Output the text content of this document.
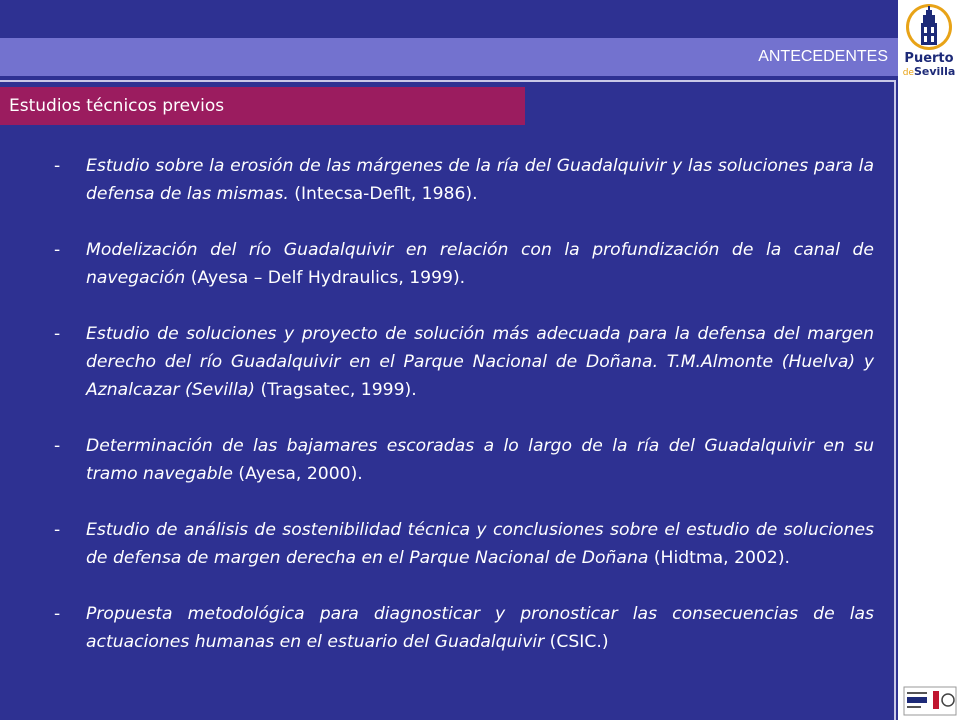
Puerto
deSevilla
ANTECEDENTES
Estudios técnicos previos
- Estudio sobre la erosión de las márgenes de la ría del Guadalquivir y las soluciones para la defensa de las mismas. (Intecsa-Deflt, 1986).
- Modelización del río Guadalquivir en relación con la profundización de la canal de navegación (Ayesa – Delf Hydraulics, 1999).
- Estudio de soluciones y proyecto de solución más adecuada para la defensa del margen derecho del río Guadalquivir en el Parque Nacional de Doñana. T.M.Almonte (Huelva) y Aznalcazar (Sevilla) (Tragsatec, 1999).
- Determinación de las bajamares escoradas a lo largo de la ría del Guadalquivir en su tramo navegable (Ayesa, 2000).
- Estudio de análisis de sostenibilidad técnica y conclusiones sobre el estudio de soluciones de defensa de margen derecha en el Parque Nacional de Doñana (Hidtma, 2002).
- Propuesta metodológica para diagnosticar y pronosticar las consecuencias de las actuaciones humanas en el estuario del Guadalquivir (CSIC.)
